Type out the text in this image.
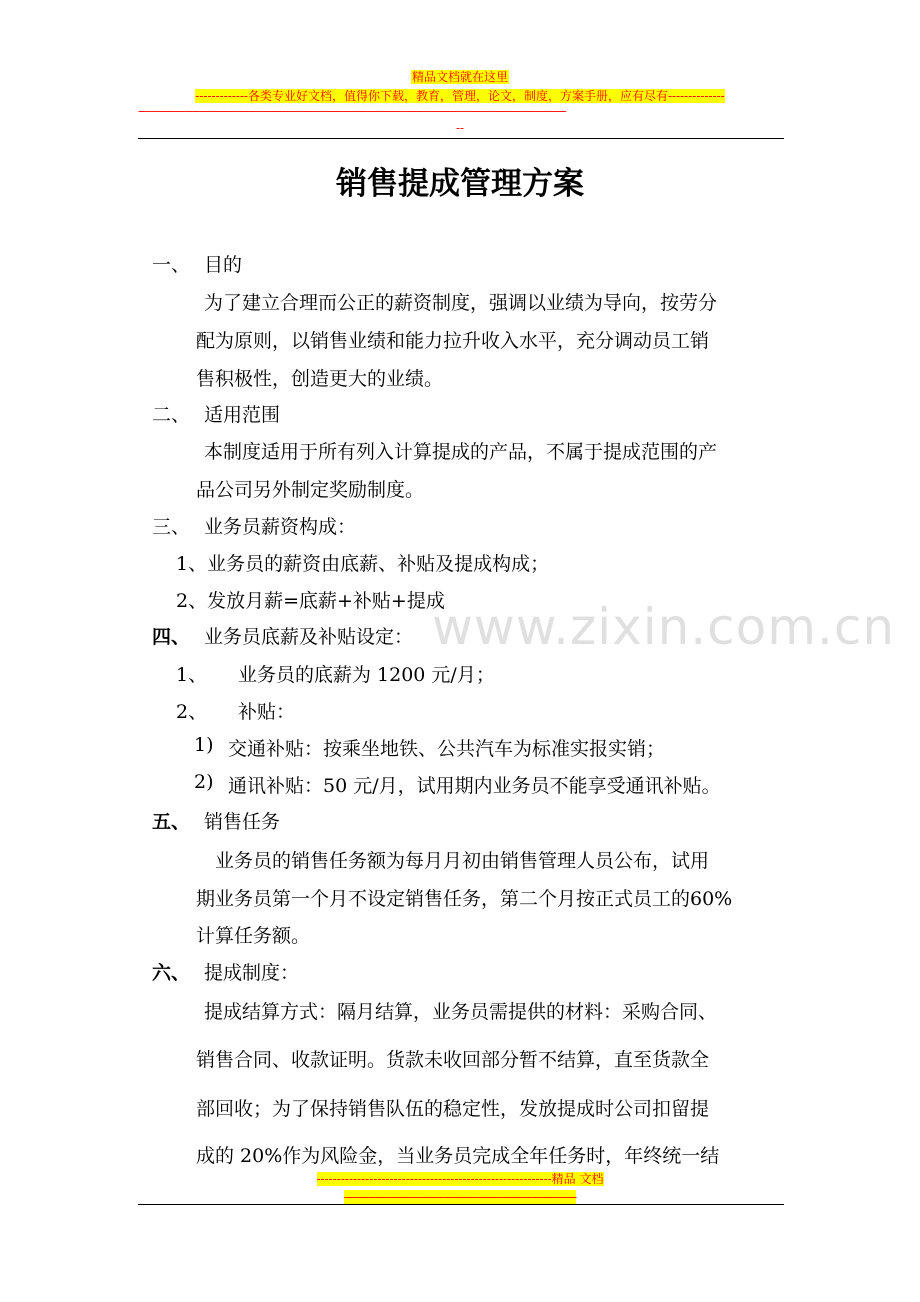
精品文档就在这里
-------------各类专业好文档，值得你下载，教育，管理，论文，制度，方案手册，应有尽有--------------
--------------------------------------------------------------------------------------------------------------------------------------------
--
销售提成管理方案
www.zixin.com.cn
一、 目的
为了建立合理而公正的薪资制度，强调以业绩为导向，按劳分
配为原则，以销售业绩和能力拉升收入水平，充分调动员工销
售积极性，创造更大的业绩。
二、 适用范围
本制度适用于所有列入计算提成的产品，不属于提成范围的产
品公司另外制定奖励制度。
三、 业务员薪资构成：
1、业务员的薪资由底薪、补贴及提成构成；
2、发放月薪=底薪+补贴+提成
四、 业务员底薪及补贴设定：
1、 业务员的底薪为 1200 元/月；
2、 补贴：
1) 交通补贴：按乘坐地铁、公共汽车为标准实报实销；
2) 通讯补贴：50 元/月，试用期内业务员不能享受通讯补贴。
五、 销售任务
业务员的销售任务额为每月月初由销售管理人员公布，试用
期业务员第一个月不设定销售任务，第二个月按正式员工的60%
计算任务额。
六、 提成制度：
提成结算方式：隔月结算，业务员需提供的材料：采购合同、
销售合同、收款证明。货款未收回部分暂不结算，直至货款全
部回收；为了保持销售队伍的稳定性，发放提成时公司扣留提
成的 20%作为风险金，当业务员完成全年任务时，年终统一结
----------------------------------------------------------精品 文档
----------------------------------------------------------------------------
